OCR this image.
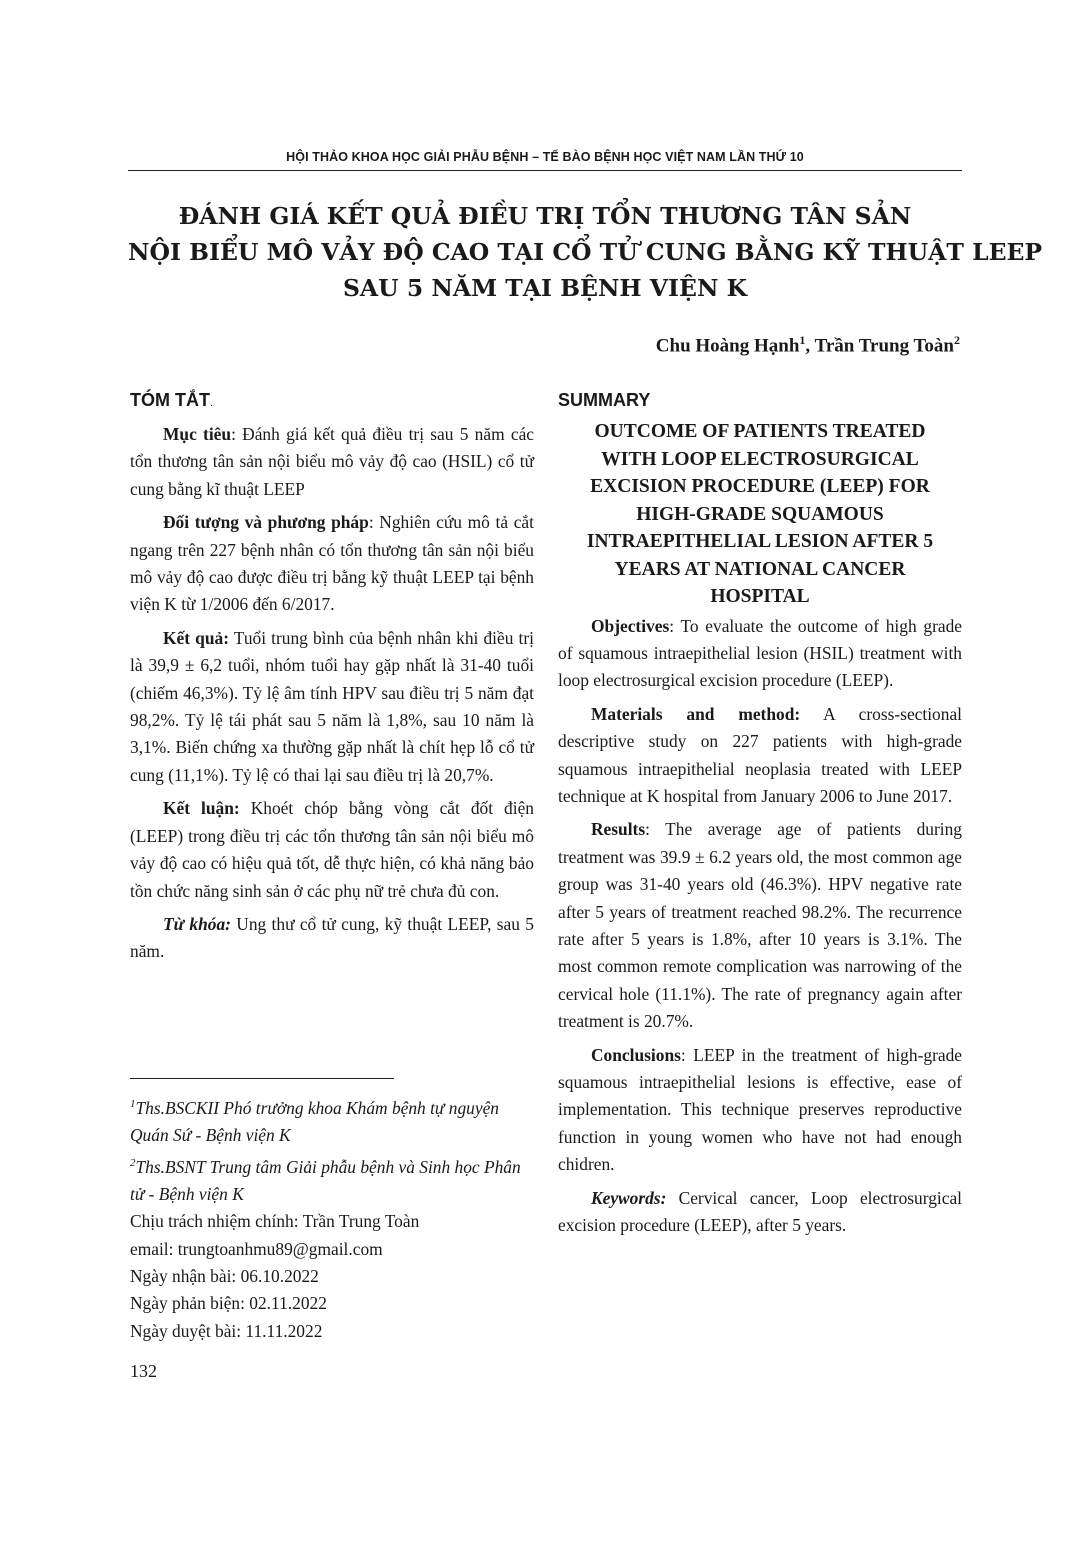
HỘI THẢO KHOA HỌC GIẢI PHẪU BỆNH – TẾ BÀO BỆNH HỌC VIỆT NAM LẦN THỨ 10
ĐÁNH GIÁ KẾT QUẢ ĐIỀU TRỊ TỔN THƯƠNG TÂN SẢN
NỘI BIỂU MÔ VẢY ĐỘ CAO TẠI CỔ TỬ CUNG BẰNG KỸ THUẬT LEEP
SAU 5 NĂM TẠI BỆNH VIỆN K
Chu Hoàng Hạnh$^1$, Trần Trung Toàn$^2$
TÓM TẮT.

Mục tiêu: Đánh giá kết quả điều trị sau 5 năm các tổn thương tân sản nội biểu mô vảy độ cao (HSIL) cổ tử cung bằng kĩ thuật LEEP

Đối tượng và phương pháp: Nghiên cứu mô tả cắt ngang trên 227 bệnh nhân có tổn thương tân sản nội biểu mô vảy độ cao được điều trị bằng kỹ thuật LEEP tại bệnh viện K từ 1/2006 đến 6/2017.

Kết quả: Tuổi trung bình của bệnh nhân khi điều trị là 39,9 ± 6,2 tuổi, nhóm tuổi hay gặp nhất là 31-40 tuổi (chiếm 46,3%). Tỷ lệ âm tính HPV sau điều trị 5 năm đạt 98,2%. Tỷ lệ tái phát sau 5 năm là 1,8%, sau 10 năm là 3,1%. Biến chứng xa thường gặp nhất là chít hẹp lỗ cổ tử cung (11,1%). Tỷ lệ có thai lại sau điều trị là 20,7%.

Kết luận: Khoét chóp bằng vòng cắt đốt điện (LEEP) trong điều trị các tổn thương tân sản nội biểu mô vảy độ cao có hiệu quả tốt, dễ thực hiện, có khả năng bảo tồn chức năng sinh sản ở các phụ nữ trẻ chưa đủ con.

Từ khóa: Ung thư cổ tử cung, kỹ thuật LEEP, sau 5 năm.

SUMMARY
OUTCOME OF PATIENTS TREATED
WITH LOOP ELECTROSURGICAL
EXCISION PROCEDURE (LEEP) FOR
HIGH-GRADE SQUAMOUS
INTRAEPITHELIAL LESION AFTER 5
YEARS AT NATIONAL CANCER
HOSPITAL

Objectives: To evaluate the outcome of high grade of squamous intraepithelial lesion (HSIL) treatment with loop electrosurgical excision procedure (LEEP).

Materials and method: A cross-sectional descriptive study on 227 patients with high-grade squamous intraepithelial neoplasia treated with LEEP technique at K hospital from January 2006 to June 2017.

Results: The average age of patients during treatment was 39.9 ± 6.2 years old, the most common age group was 31-40 years old (46.3%). HPV negative rate after 5 years of treatment reached 98.2%. The recurrence rate after 5 years is 1.8%, after 10 years is 3.1%. The most common remote complication was narrowing of the cervical hole (11.1%). The rate of pregnancy again after treatment is 20.7%.

Conclusions: LEEP in the treatment of high-grade squamous intraepithelial lesions is effective, ease of implementation. This technique preserves reproductive function in young women who have not had enough chidren.

Keywords: Cervical cancer, Loop electrosurgical excision procedure (LEEP), after 5 years.

$^1$Ths.BSCKII Phó trưởng khoa Khám bệnh tự nguyện Quán Sứ - Bệnh viện K
$^2$Ths.BSNT Trung tâm Giải phẫu bệnh và Sinh học Phân tử - Bệnh viện K
Chịu trách nhiệm chính: Trần Trung Toàn
email: trungtoanhmu89@gmail.com
Ngày nhận bài: 06.10.2022
Ngày phản biện: 02.11.2022
Ngày duyệt bài: 11.11.2022
132
